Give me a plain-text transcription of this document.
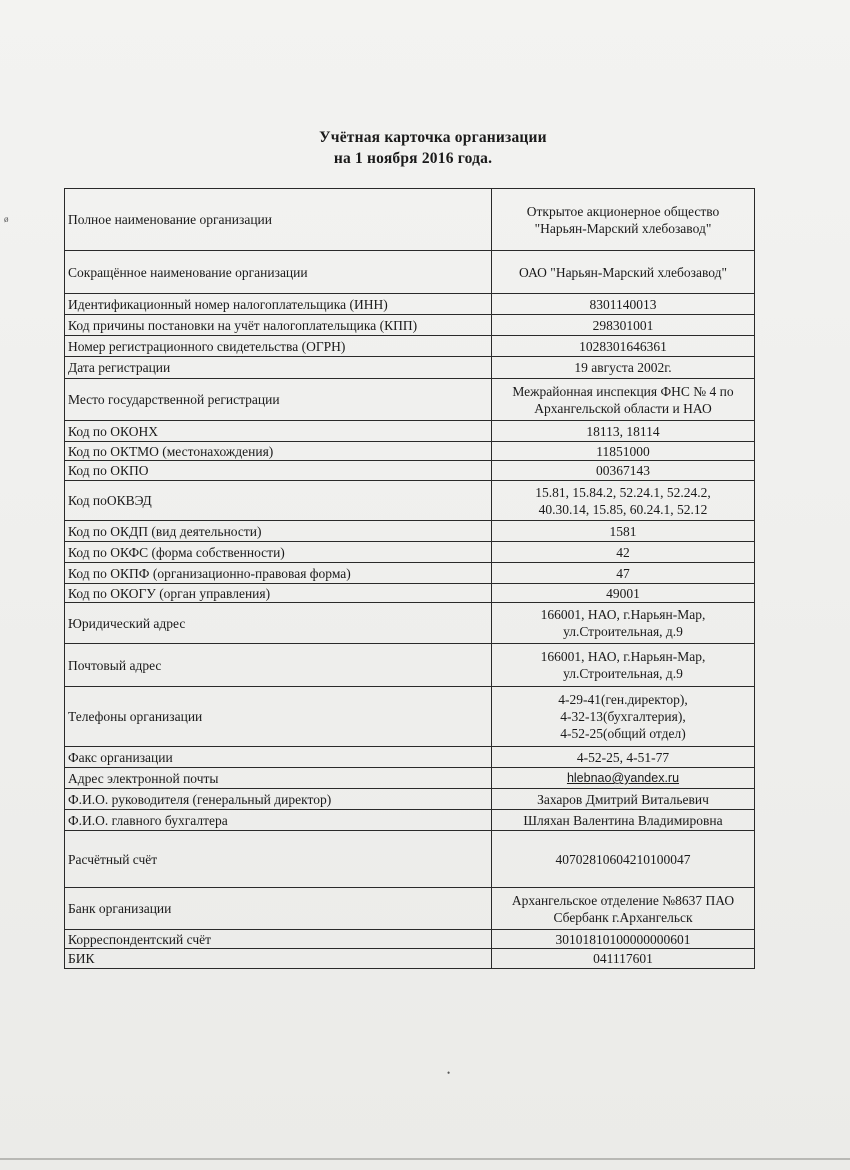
Учётная карточка организации
на 1 ноября 2016 года.
Полное наименование организации	Открытое акционерное общество
"Нарьян-Марский хлебозавод"
Сокращённое наименование организации	ОАО "Нарьян-Марский хлебозавод"
Идентификационный номер налогоплательщика (ИНН)	8301140013
Код причины постановки на учёт налогоплательщика (КПП)	298301001
Номер регистрационного свидетельства (ОГРН)	1028301646361
Дата регистрации	19 августа 2002г.
Место государственной регистрации	Межрайонная инспекция ФНС № 4 по
Архангельской области и НАО
Код по ОКОНХ	18113, 18114
Код по ОКТМО (местонахождения)	11851000
Код по ОКПО	00367143
Код поОКВЭД	15.81, 15.84.2, 52.24.1, 52.24.2,
40.30.14, 15.85, 60.24.1, 52.12
Код по ОКДП (вид деятельности)	1581
Код по ОКФС (форма собственности)	42
Код по ОКПФ (организационно-правовая форма)	47
Код по ОКОГУ (орган управления)	49001
Юридический адрес	166001, НАО, г.Нарьян-Мар,
ул.Строительная, д.9
Почтовый адрес	166001, НАО, г.Нарьян-Мар,
ул.Строительная, д.9
Телефоны организации	4-29-41(ген.директор),
4-32-13(бухгалтерия),
4-52-25(общий отдел)
Факс организации	4-52-25, 4-51-77
Адрес электронной почты	hlebnao@yandex.ru
Ф.И.О. руководителя (генеральный директор)	Захаров Дмитрий Витальевич
Ф.И.О. главного бухгалтера	Шляхан Валентина Владимировна
Расчётный счёт	40702810604210100047
Банк организации	Архангельское отделение №8637 ПАО
Сбербанк г.Архангельск
Корреспондентский счёт	30101810100000000601
БИК	041117601
ø
•
